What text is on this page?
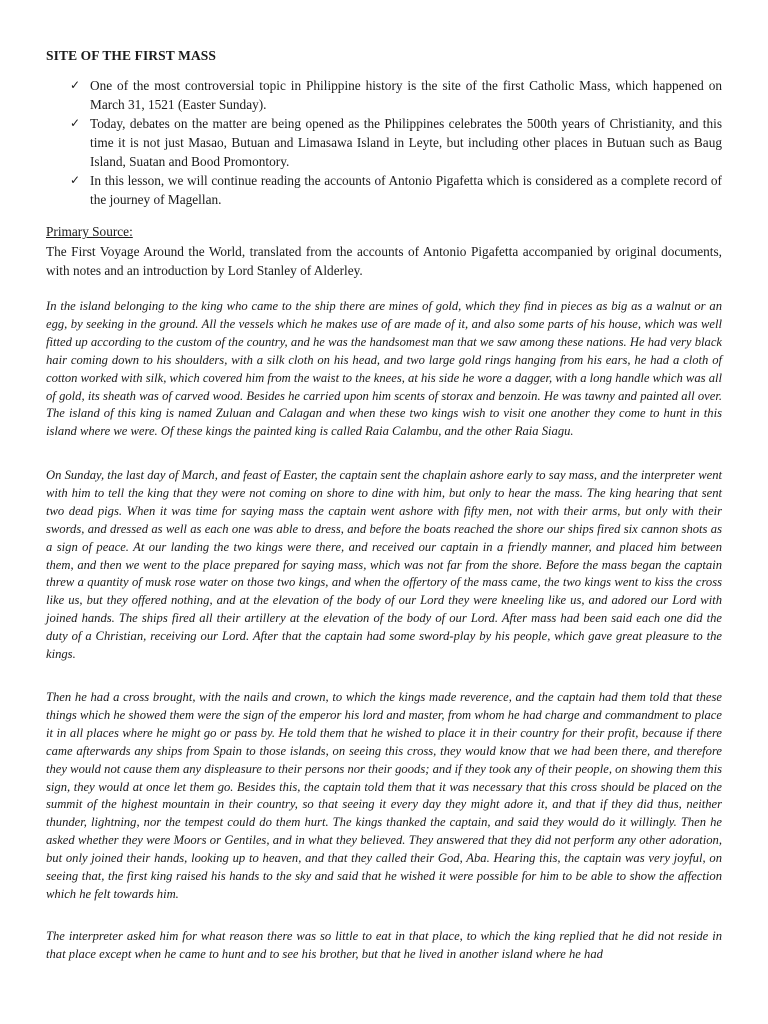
SITE OF THE FIRST MASS
✓ One of the most controversial topic in Philippine history is the site of the first Catholic Mass, which happened on March 31, 1521 (Easter Sunday).
✓ Today, debates on the matter are being opened as the Philippines celebrates the 500th years of Christianity, and this time it is not just Masao, Butuan and Limasawa Island in Leyte, but including other places in Butuan such as Baug Island, Suatan and Bood Promontory.
✓ In this lesson, we will continue reading the accounts of Antonio Pigafetta which is considered as a complete record of the journey of Magellan.
Primary Source:
The First Voyage Around the World, translated from the accounts of Antonio Pigafetta accompanied by original documents, with notes and an introduction by Lord Stanley of Alderley.

In the island belonging to the king who came to the ship there are mines of gold, which they find in pieces as big as a walnut or an egg, by seeking in the ground. All the vessels which he makes use of are made of it, and also some parts of his house, which was well fitted up according to the custom of the country, and he was the handsomest man that we saw among these nations. He had very black hair coming down to his shoulders, with a silk cloth on his head, and two large gold rings hanging from his ears, he had a cloth of cotton worked with silk, which covered him from the waist to the knees, at his side he wore a dagger, with a long handle which was all of gold, its sheath was of carved wood. Besides he carried upon him scents of storax and benzoin. He was tawny and painted all over. The island of this king is named Zuluan and Calagan and when these two kings wish to visit one another they come to hunt in this island where we were. Of these kings the painted king is called Raia Calambu, and the other Raia Siagu.

On Sunday, the last day of March, and feast of Easter, the captain sent the chaplain ashore early to say mass, and the interpreter went with him to tell the king that they were not coming on shore to dine with him, but only to hear the mass. The king hearing that sent two dead pigs. When it was time for saying mass the captain went ashore with fifty men, not with their arms, but only with their swords, and dressed as well as each one was able to dress, and before the boats reached the shore our ships fired six cannon shots as a sign of peace. At our landing the two kings were there, and received our captain in a friendly manner, and placed him between them, and then we went to the place prepared for saying mass, which was not far from the shore. Before the mass began the captain threw a quantity of musk rose water on those two kings, and when the offertory of the mass came, the two kings went to kiss the cross like us, but they offered nothing, and at the elevation of the body of our Lord they were kneeling like us, and adored our Lord with joined hands. The ships fired all their artillery at the elevation of the body of our Lord. After mass had been said each one did the duty of a Christian, receiving our Lord. After that the captain had some sword-play by his people, which gave great pleasure to the kings.

Then he had a cross brought, with the nails and crown, to which the kings made reverence, and the captain had them told that these things which he showed them were the sign of the emperor his lord and master, from whom he had charge and commandment to place it in all places where he might go or pass by. He told them that he wished to place it in their country for their profit, because if there came afterwards any ships from Spain to those islands, on seeing this cross, they would know that we had been there, and therefore they would not cause them any displeasure to their persons nor their goods; and if they took any of their people, on showing them this sign, they would at once let them go. Besides this, the captain told them that it was necessary that this cross should be placed on the summit of the highest mountain in their country, so that seeing it every day they might adore it, and that if they did thus, neither thunder, lightning, nor the tempest could do them hurt. The kings thanked the captain, and said they would do it willingly. Then he asked whether they were Moors or Gentiles, and in what they believed. They answered that they did not perform any other adoration, but only joined their hands, looking up to heaven, and that they called their God, Aba. Hearing this, the captain was very joyful, on seeing that, the first king raised his hands to the sky and said that he wished it were possible for him to be able to show the affection which he felt towards him.

The interpreter asked him for what reason there was so little to eat in that place, to which the king replied that he did not reside in that place except when he came to hunt and to see his brother, but that he lived in another island where he had
